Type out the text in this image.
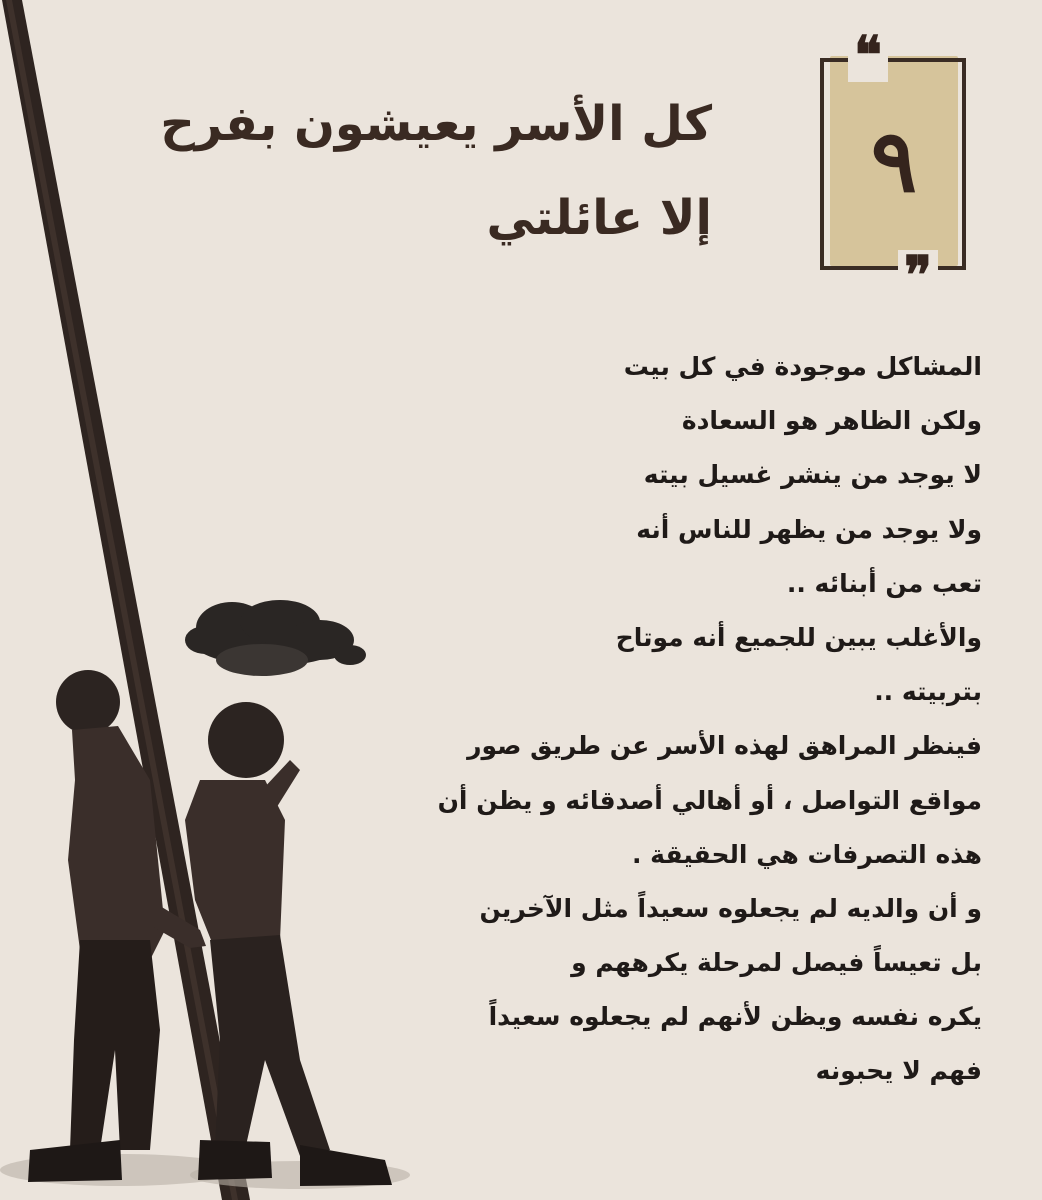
٩
❝
❞
كل الأسر يعيشون بفرح
إلا عائلتي
المشاكل موجودة في كل بيت
ولكن الظاهر هو السعادة
لا يوجد من ينشر غسيل بيته
ولا يوجد من يظهر للناس أنه
تعب من أبنائه ..
والأغلب يبين للجميع أنه موتاح
بتربيته ..
فينظر المراهق لهذه الأسر عن طريق صور
مواقع التواصل ، أو أهالي أصدقائه و يظن أن
هذه التصرفات هي الحقيقة .
و أن والديه لم يجعلوه سعيداً مثل الآخرين
بل تعيساً فيصل لمرحلة يكرههم و
يكره نفسه ويظن لأنهم لم يجعلوه سعيداً
فهم لا يحبونه
